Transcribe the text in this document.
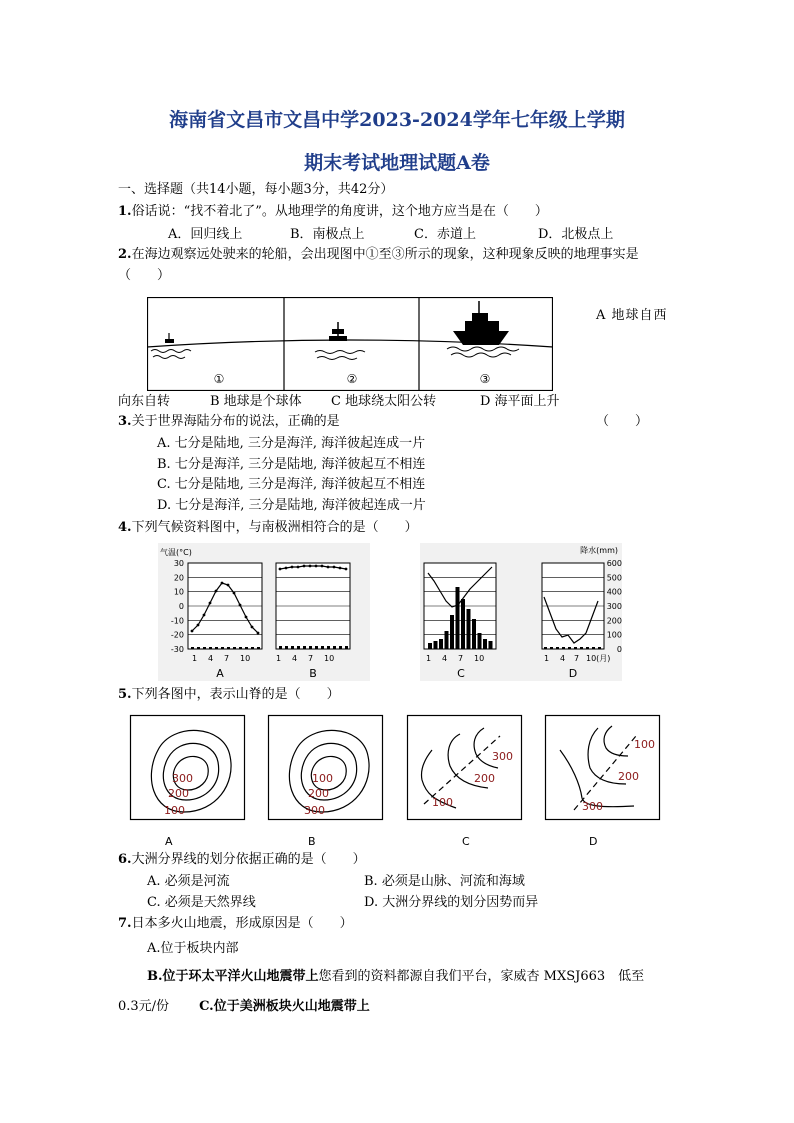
海南省文昌市文昌中学2023-2024学年七年级上学期
期末考试地理试题A卷
一、选择题（共14小题，每小题3分，共42分）
1.俗话说：“找不着北了”。从地理学的角度讲，这个地方应当是在（　　）
A．回归线上	B．南极点上	C．赤道上	D．北极点上
2.在海边观察远处驶来的轮船，会出现图中①至③所示的现象，这种现象反映的地理事实是
（　　）
①	②	③
A 地球自西
向东自转	B 地球是个球体 C 地球绕太阳公转	D 海平面上升
3.关于世界海陆分布的说法，正确的是	（　　）
A. 七分是陆地, 三分是海洋, 海洋彼起连成一片
B. 七分是海洋, 三分是陆地, 海洋彼起互不相连
C. 七分是陆地, 三分是海洋, 海洋彼起互不相连
D. 七分是海洋, 三分是陆地, 海洋彼起连成一片
4.下列气候资料图中，与南极洲相符合的是（　　）
气温(°C)
30
20
10
0
-10
-20
-30
降水(mm)
600
500
400
300
200
100
0
1 4 7 10	1 4 7 10	1 4 7 10	1 4 7 10(月)
A	B	C	D
5.下列各图中，表示山脊的是（　　）
300
200
100
100
200
300
300
200
100
100
200
300
A	B	C	D
6.大洲分界线的划分依据正确的是（　　）
A. 必须是河流	B. 必须是山脉、河流和海域
C. 必须是天然界线	D. 大洲分界线的划分因势而异
7.日本多火山地震，形成原因是（　　）
A.位于板块内部
B.位于环太平洋火山地震带上您看到的资料都源自我们平台，家威杏 MXSJ663　低至
0.3元/份 C.位于美洲板块火山地震带上
